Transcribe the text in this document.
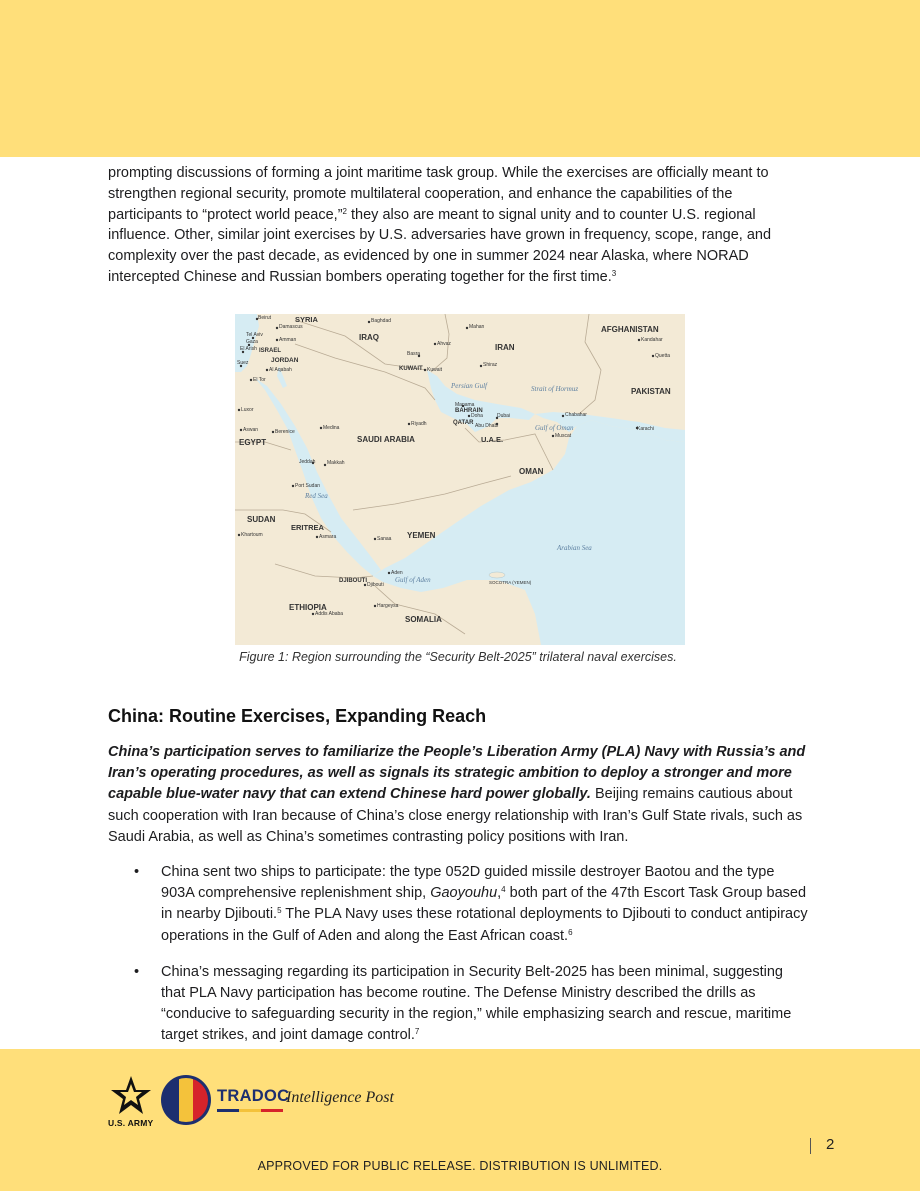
prompting discussions of forming a joint maritime task group. While the exercises are officially meant to strengthen regional security, promote multilateral cooperation, and enhance the capabilities of the participants to “protect world peace,”$^2$ they also are meant to signal unity and to counter U.S. regional influence. Other, similar joint exercises by U.S. adversaries have grown in frequency, scope, range, and complexity over the past decade, as evidenced by one in summer 2024 near Alaska, where NORAD intercepted Chinese and Russian bombers operating together for the first time.$^3$

SYRIA
IRAQ
IRAN
AFGHANISTAN
PAKISTAN
JORDAN
ISRAEL
KUWAIT
BAHRAIN
QATAR
U.A.E.
SAUDI ARABIA
OMAN
EGYPT
SUDAN
ERITREA
YEMEN
DJIBOUTI
ETHIOPIA
SOMALIA
SOCOTRA (YEMEN)
Persian Gulf	Strait of Hormuz
Gulf of Oman
Red Sea
Gulf of Aden
Arabian Sea
Beirut
Damascus
Tel Aviv
Gaza
El Arish
Amman
Suez
Al Aqabah
El Tor
Baghdad
Mahan
Ahvaz
Basra
Kuwait
Shiraz
Kandahar
Quetta
Manama
Doha	Dubai
Abu Dhabi
Chabahar
Karachi
Muscat
Luxor
Aswan	Berenice
Medina
Riyadh
Jeddah Makkah
Port Sudan
Khartoum	Asmara	Sanaa
Aden
Djibouti
Hargeysa
Addis Ababa
Figure 1: Region surrounding the “Security Belt-2025” trilateral naval exercises.
China: Routine Exercises, Expanding Reach
China’s participation serves to familiarize the People’s Liberation Army (PLA) Navy with Russia’s and Iran’s operating procedures, as well as signals its strategic ambition to deploy a stronger and more capable blue-water navy that can extend Chinese hard power globally. Beijing remains cautious about such cooperation with Iran because of China’s close energy relationship with Iran’s Gulf State rivals, such as Saudi Arabia, as well as China’s sometimes contrasting policy positions with Iran.
• China sent two ships to participate: the type 052D guided missile destroyer Baotou and the type 903A comprehensive replenishment ship, Gaoyouhu,$^4$ both part of the 47th Escort Task Group based in nearby Djibouti.$^5$ The PLA Navy uses these rotational deployments to Djibouti to conduct antipiracy operations in the Gulf of Aden and along the East African coast.$^6$
• China’s messaging regarding its participation in Security Belt-2025 has been minimal, suggesting that PLA Navy participation has become routine. The Defense Ministry described the drills as “conducive to safeguarding security in the region,” while emphasizing search and rescue, maritime target strikes, and joint damage control.$^7$
U.S. ARMY
TRADOC
Intelligence Post
2
APPROVED FOR PUBLIC RELEASE. DISTRIBUTION IS UNLIMITED.
